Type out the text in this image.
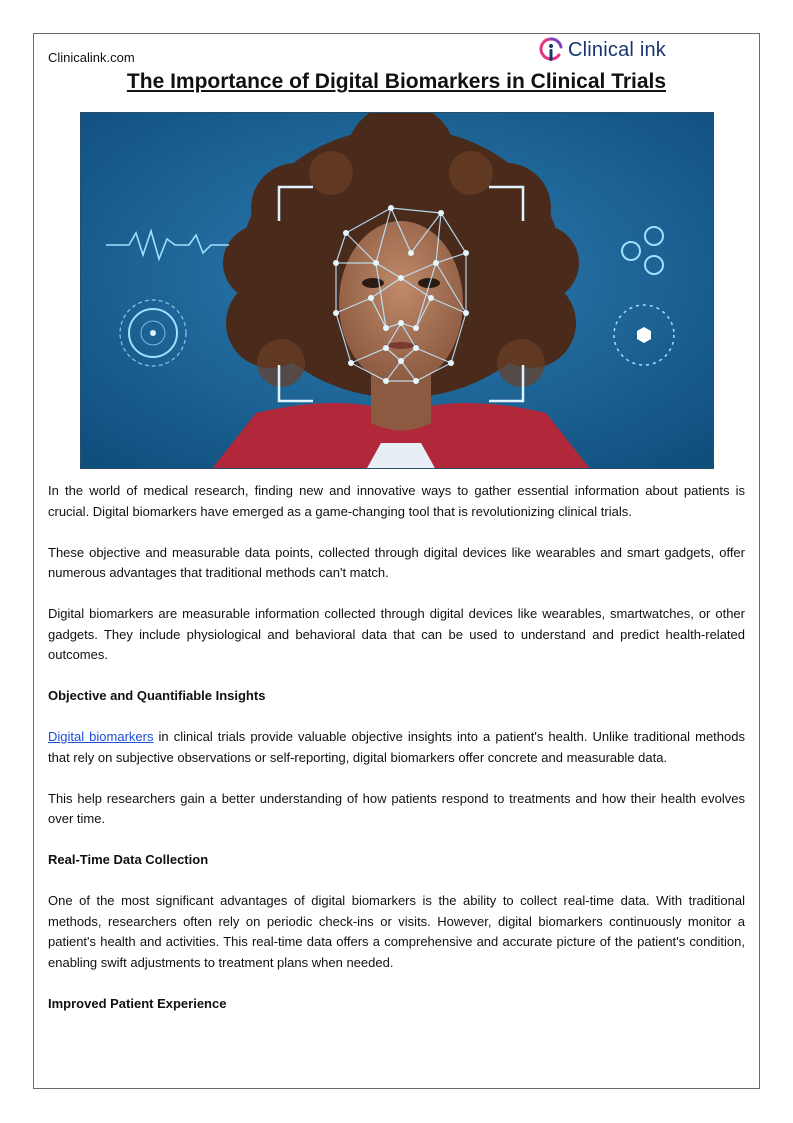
Clinicalink.com	Clinical ink
The Importance of Digital Biomarkers in Clinical Trials

In the world of medical research, finding new and innovative ways to gather essential information about patients is crucial. Digital biomarkers have emerged as a game-changing tool that is revolutionizing clinical trials.

These objective and measurable data points, collected through digital devices like wearables and smart gadgets, offer numerous advantages that traditional methods can't match.

Digital biomarkers are measurable information collected through digital devices like wearables, smartwatches, or other gadgets. They include physiological and behavioral data that can be used to understand and predict health-related outcomes.

Objective and Quantifiable Insights

Digital biomarkers in clinical trials provide valuable objective insights into a patient's health. Unlike traditional methods that rely on subjective observations or self-reporting, digital biomarkers offer concrete and measurable data.

This help researchers gain a better understanding of how patients respond to treatments and how their health evolves over time.

Real-Time Data Collection

One of the most significant advantages of digital biomarkers is the ability to collect real-time data. With traditional methods, researchers often rely on periodic check-ins or visits. However, digital biomarkers continuously monitor a patient's health and activities. This real-time data offers a comprehensive and accurate picture of the patient's condition, enabling swift adjustments to treatment plans when needed.

Improved Patient Experience
